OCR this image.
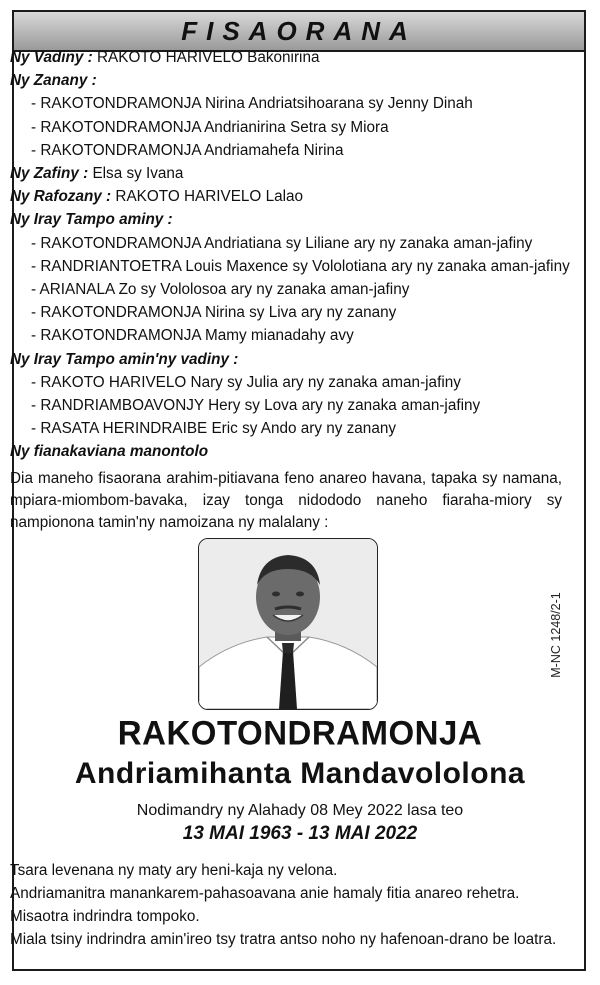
FISAORANA
Ny Vadiny : RAKOTO HARIVELO Bakonirina
Ny Zanany :
- RAKOTONDRAMONJA Nirina Andriatsihoarana sy Jenny Dinah
- RAKOTONDRAMONJA Andrianirina Setra sy Miora
- RAKOTONDRAMONJA Andriamahefa Nirina
Ny Zafiny : Elsa sy Ivana
Ny Rafozany : RAKOTO HARIVELO Lalao
Ny Iray Tampo aminy :
- RAKOTONDRAMONJA Andriatiana sy Liliane ary ny zanaka aman-jafiny
- RANDRIANTOETRA Louis Maxence sy Vololotiana ary ny zanaka aman-jafiny
- ARIANALA Zo sy Vololosoa ary ny zanaka aman-jafiny
- RAKOTONDRAMONJA Nirina sy Liva ary ny zanany
- RAKOTONDRAMONJA Mamy mianadahy avy
Ny Iray Tampo amin'ny vadiny :
- RAKOTO HARIVELO Nary sy Julia ary ny zanaka aman-jafiny
- RANDRIAMBOAVONJY Hery sy Lova ary ny zanaka aman-jafiny
- RASATA HERINDRAIBE Eric sy Ando ary ny zanany
Ny fianakaviana manontolo
Dia maneho fisaorana arahim-pitiavana feno anareo havana, tapaka sy namana, mpiara-miombom-bavaka, izay tonga nidododo naneho fiaraha-miory sy nampionona tamin'ny namoizana ny malalany :
M-NC 1248/2-1
RAKOTONDRAMONJA
Andriamihanta Mandavololona
Nodimandry ny Alahady 08 Mey 2022 lasa teo
13 MAI 1963 - 13 MAI 2022
Tsara levenana ny maty ary heni-kaja ny velona.
Andriamanitra manankarem-pahasoavana anie hamaly fitia anareo rehetra.
Misaotra indrindra tompoko.
Miala tsiny indrindra amin'ireo tsy tratra antso noho ny hafenoan-drano be loatra.
